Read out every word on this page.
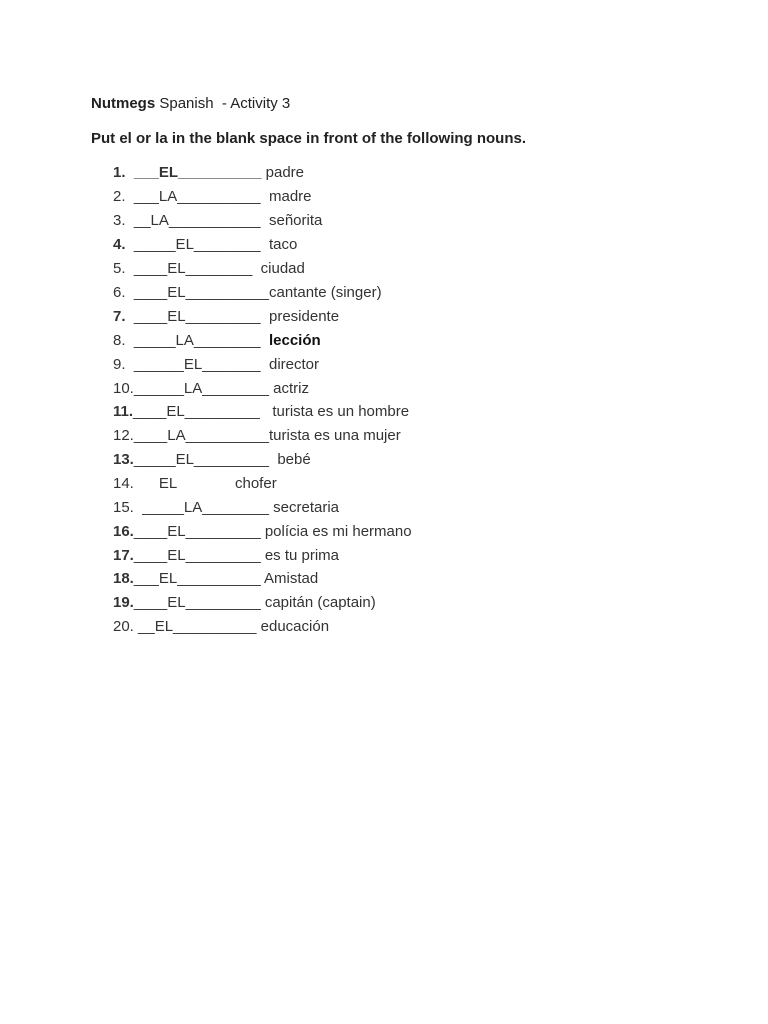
Nutmegs Spanish  - Activity 3
Put el or la in the blank space in front of the following nouns.
1.  ___EL__________ padre
2.  ___LA__________  madre
3.  __LA___________  señorita
4.  _____EL________  taco
5.  ____EL________  ciudad
6.  ____EL__________cantante (singer)
7.  ____EL_________  presidente
8.  _____LA________  lección
9.  ______EL_______  director
10.______LA________ actriz
11.____EL_________   turista es un hombre
12.____LA__________turista es una mujer
13._____EL_________  bebé
14.      EL              chofer
15.  _____LA________ secretaria
16.____EL_________ polícia es mi hermano
17.____EL_________ es tu prima
18.___EL__________ Amistad
19.____EL_________ capitán (captain)
20. __EL__________ educación
